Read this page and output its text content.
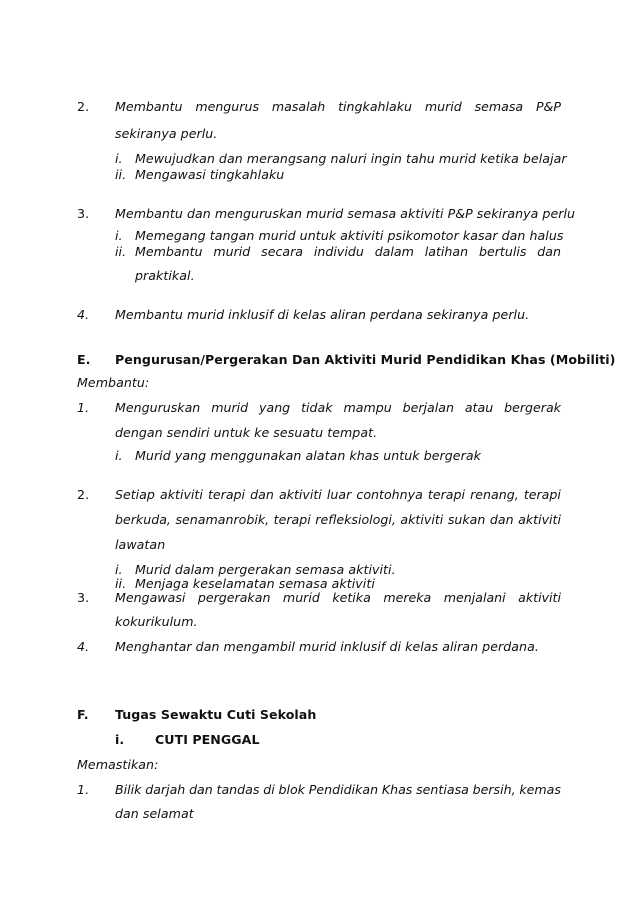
2. Membantu mengurus masalah tingkahlaku murid semasa P&P

sekiranya perlu.

i. Mewujudkan dan merangsang naluri ingin tahu murid ketika belajar

ii. Mengawasi tingkahlaku

3. Membantu dan menguruskan murid semasa aktiviti P&P sekiranya perlu

i. Memegang tangan murid untuk aktiviti psikomotor kasar dan halus

ii. Membantu murid secara individu dalam latihan bertulis dan

praktikal.

4. Membantu murid inklusif di kelas aliran perdana sekiranya perlu.

E. Pengurusan/Pergerakan Dan Aktiviti Murid Pendidikan Khas (Mobiliti)

Membantu:

1. Menguruskan murid yang tidak mampu berjalan atau bergerak

dengan sendiri untuk ke sesuatu tempat.

i. Murid yang menggunakan alatan khas untuk bergerak

2. Setiap aktiviti terapi dan aktiviti luar contohnya terapi renang, terapi
berkuda, senamanrobik, terapi refleksiologi, aktiviti sukan dan aktiviti

lawatan

i. Murid dalam pergerakan semasa aktiviti.

ii. Menjaga keselamatan semasa aktiviti

3. Mengawasi pergerakan murid ketika mereka menjalani aktiviti

kokurikulum.

4. Menghantar dan mengambil murid inklusif di kelas aliran perdana.

F. Tugas Sewaktu Cuti Sekolah

i. CUTI PENGGAL

Memastikan:

1. Bilik darjah dan tandas di blok Pendidikan Khas sentiasa bersih, kemas

dan selamat
